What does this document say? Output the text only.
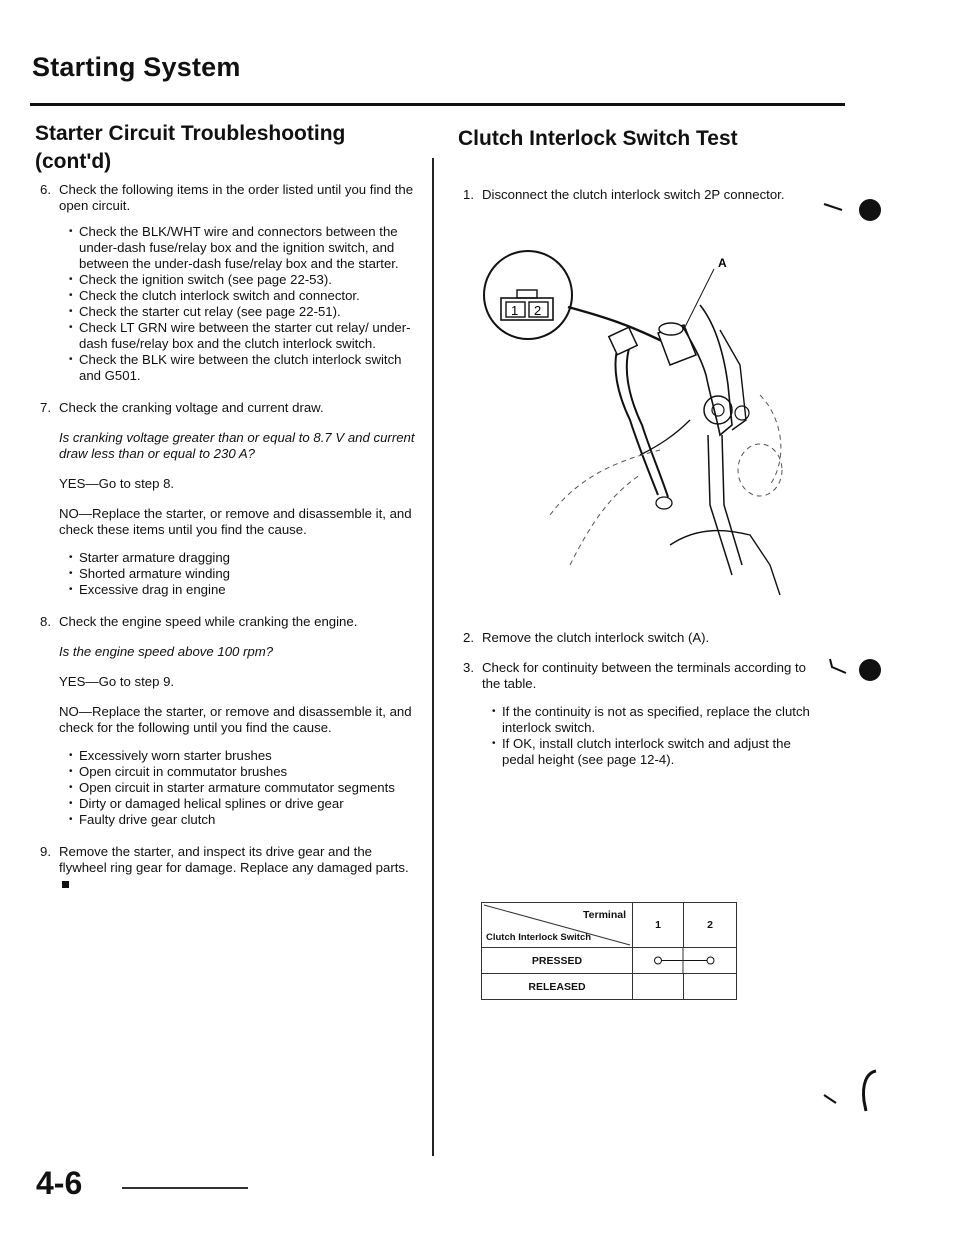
Starting System
Starter Circuit Troubleshooting
(cont'd)
6. Check the following items in the order listed until you find the open circuit.
• Check the BLK/WHT wire and connectors between the under-dash fuse/relay box and the ignition switch, and between the under-dash fuse/relay box and the starter.
• Check the ignition switch (see page 22-53).
• Check the clutch interlock switch and connector.
• Check the starter cut relay (see page 22-51).
• Check LT GRN wire between the starter cut relay/ under-dash fuse/relay box and the clutch interlock switch.
• Check the BLK wire between the clutch interlock switch and G501.
7. Check the cranking voltage and current draw.
Is cranking voltage greater than or equal to 8.7 V and current draw less than or equal to 230 A?
YES—Go to step 8.
NO—Replace the starter, or remove and disassemble it, and check these items until you find the cause.
• Starter armature dragging
• Shorted armature winding
• Excessive drag in engine
8. Check the engine speed while cranking the engine.
Is the engine speed above 100 rpm?
YES—Go to step 9.
NO—Replace the starter, or remove and disassemble it, and check for the following until you find the cause.
• Excessively worn starter brushes
• Open circuit in commutator brushes
• Open circuit in starter armature commutator segments
• Dirty or damaged helical splines or drive gear
• Faulty drive gear clutch
9. Remove the starter, and inspect its drive gear and the flywheel ring gear for damage. Replace any damaged parts.
Clutch Interlock Switch Test
1. Disconnect the clutch interlock switch 2P connector.
1 2
A
2. Remove the clutch interlock switch (A).
3. Check for continuity between the terminals according to the table.
• If the continuity is not as specified, replace the clutch interlock switch.
• If OK, install clutch interlock switch and adjust the pedal height (see page 12-4).
Terminal
Clutch Interlock Switch	1	2
PRESSED	

RELEASED		
4-6
